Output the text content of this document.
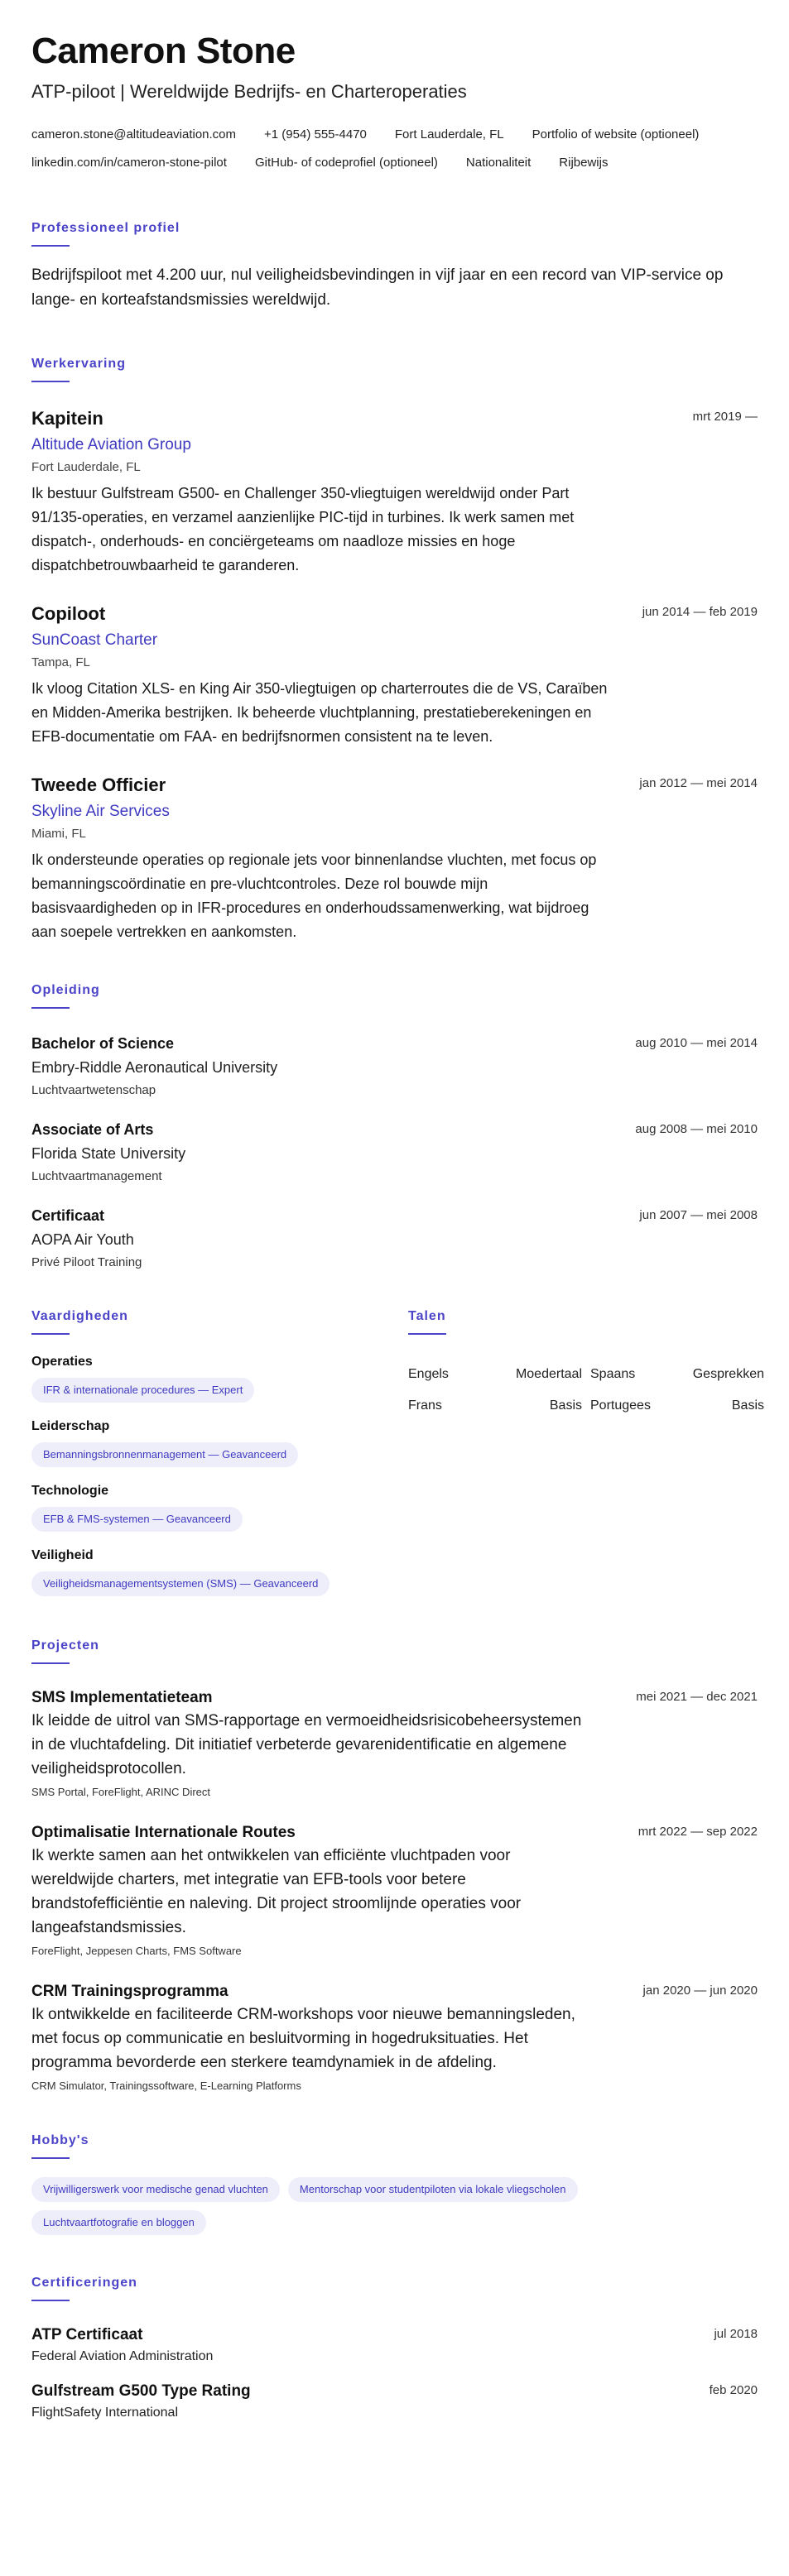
Cameron Stone
ATP-piloot | Wereldwijde Bedrijfs- en Charteroperaties
cameron.stone@altitudeaviation.com +1 (954) 555-4470 Fort Lauderdale, FL Portfolio of website (optioneel)
linkedin.com/in/cameron-stone-pilot GitHub- of codeprofiel (optioneel) Nationaliteit Rijbewijs
Professioneel profiel
Bedrijfspiloot met 4.200 uur, nul veiligheidsbevindingen in vijf jaar en een record van VIP-service op lange- en korteafstandsmissies wereldwijd.
Werkervaring
Kapitein	mrt 2019 —
Altitude Aviation Group
Fort Lauderdale, FL
Ik bestuur Gulfstream G500- en Challenger 350-vliegtuigen wereldwijd onder Part 91/135-operaties, en verzamel aanzienlijke PIC-tijd in turbines. Ik werk samen met dispatch-, onderhouds- en conciërgeteams om naadloze missies en hoge dispatchbetrouwbaarheid te garanderen.
Copiloot	jun 2014 — feb 2019
SunCoast Charter
Tampa, FL
Ik vloog Citation XLS- en King Air 350-vliegtuigen op charterroutes die de VS, Caraïben en Midden-Amerika bestrijken. Ik beheerde vluchtplanning, prestatieberekeningen en EFB-documentatie om FAA- en bedrijfsnormen consistent na te leven.
Tweede Officier	jan 2012 — mei 2014
Skyline Air Services
Miami, FL
Ik ondersteunde operaties op regionale jets voor binnenlandse vluchten, met focus op bemanningscoördinatie en pre-vluchtcontroles. Deze rol bouwde mijn basisvaardigheden op in IFR-procedures en onderhoudssamenwerking, wat bijdroeg aan soepele vertrekken en aankomsten.
Opleiding
Bachelor of Science	aug 2010 — mei 2014
Embry-Riddle Aeronautical University
Luchtvaartwetenschap
Associate of Arts	aug 2008 — mei 2010
Florida State University
Luchtvaartmanagement
Certificaat	jun 2007 — mei 2008
AOPA Air Youth
Privé Piloot Training
Vaardigheden
Operaties
IFR & internationale procedures — Expert
Leiderschap
Bemanningsbronnenmanagement — Geavanceerd
Technologie
EFB & FMS-systemen — Geavanceerd
Veiligheid
Veiligheidsmanagementsystemen (SMS) — Geavanceerd
Talen
Engels	Moedertaal Spaans	Gesprekken
Frans	Basis Portugees	Basis
Projecten
SMS Implementatieteam	mei 2021 — dec 2021
Ik leidde de uitrol van SMS-rapportage en vermoeidheidsrisicobeheersystemen in de vluchtafdeling. Dit initiatief verbeterde gevarenidentificatie en algemene veiligheidsprotocollen.
SMS Portal, ForeFlight, ARINC Direct
Optimalisatie Internationale Routes	mrt 2022 — sep 2022
Ik werkte samen aan het ontwikkelen van efficiënte vluchtpaden voor wereldwijde charters, met integratie van EFB-tools voor betere brandstofefficiëntie en naleving. Dit project stroomlijnde operaties voor langeafstandsmissies.
ForeFlight, Jeppesen Charts, FMS Software
CRM Trainingsprogramma	jan 2020 — jun 2020
Ik ontwikkelde en faciliteerde CRM-workshops voor nieuwe bemanningsleden, met focus op communicatie en besluitvorming in hogedruksituaties. Het programma bevorderde een sterkere teamdynamiek in de afdeling.
CRM Simulator, Trainingssoftware, E-Learning Platforms
Hobby's
Vrijwilligerswerk voor medische genad vluchten	Mentorschap voor studentpiloten via lokale vliegscholen
Luchtvaartfotografie en bloggen
Certificeringen
ATP Certificaat	jul 2018
Federal Aviation Administration
Gulfstream G500 Type Rating	feb 2020
FlightSafety International
